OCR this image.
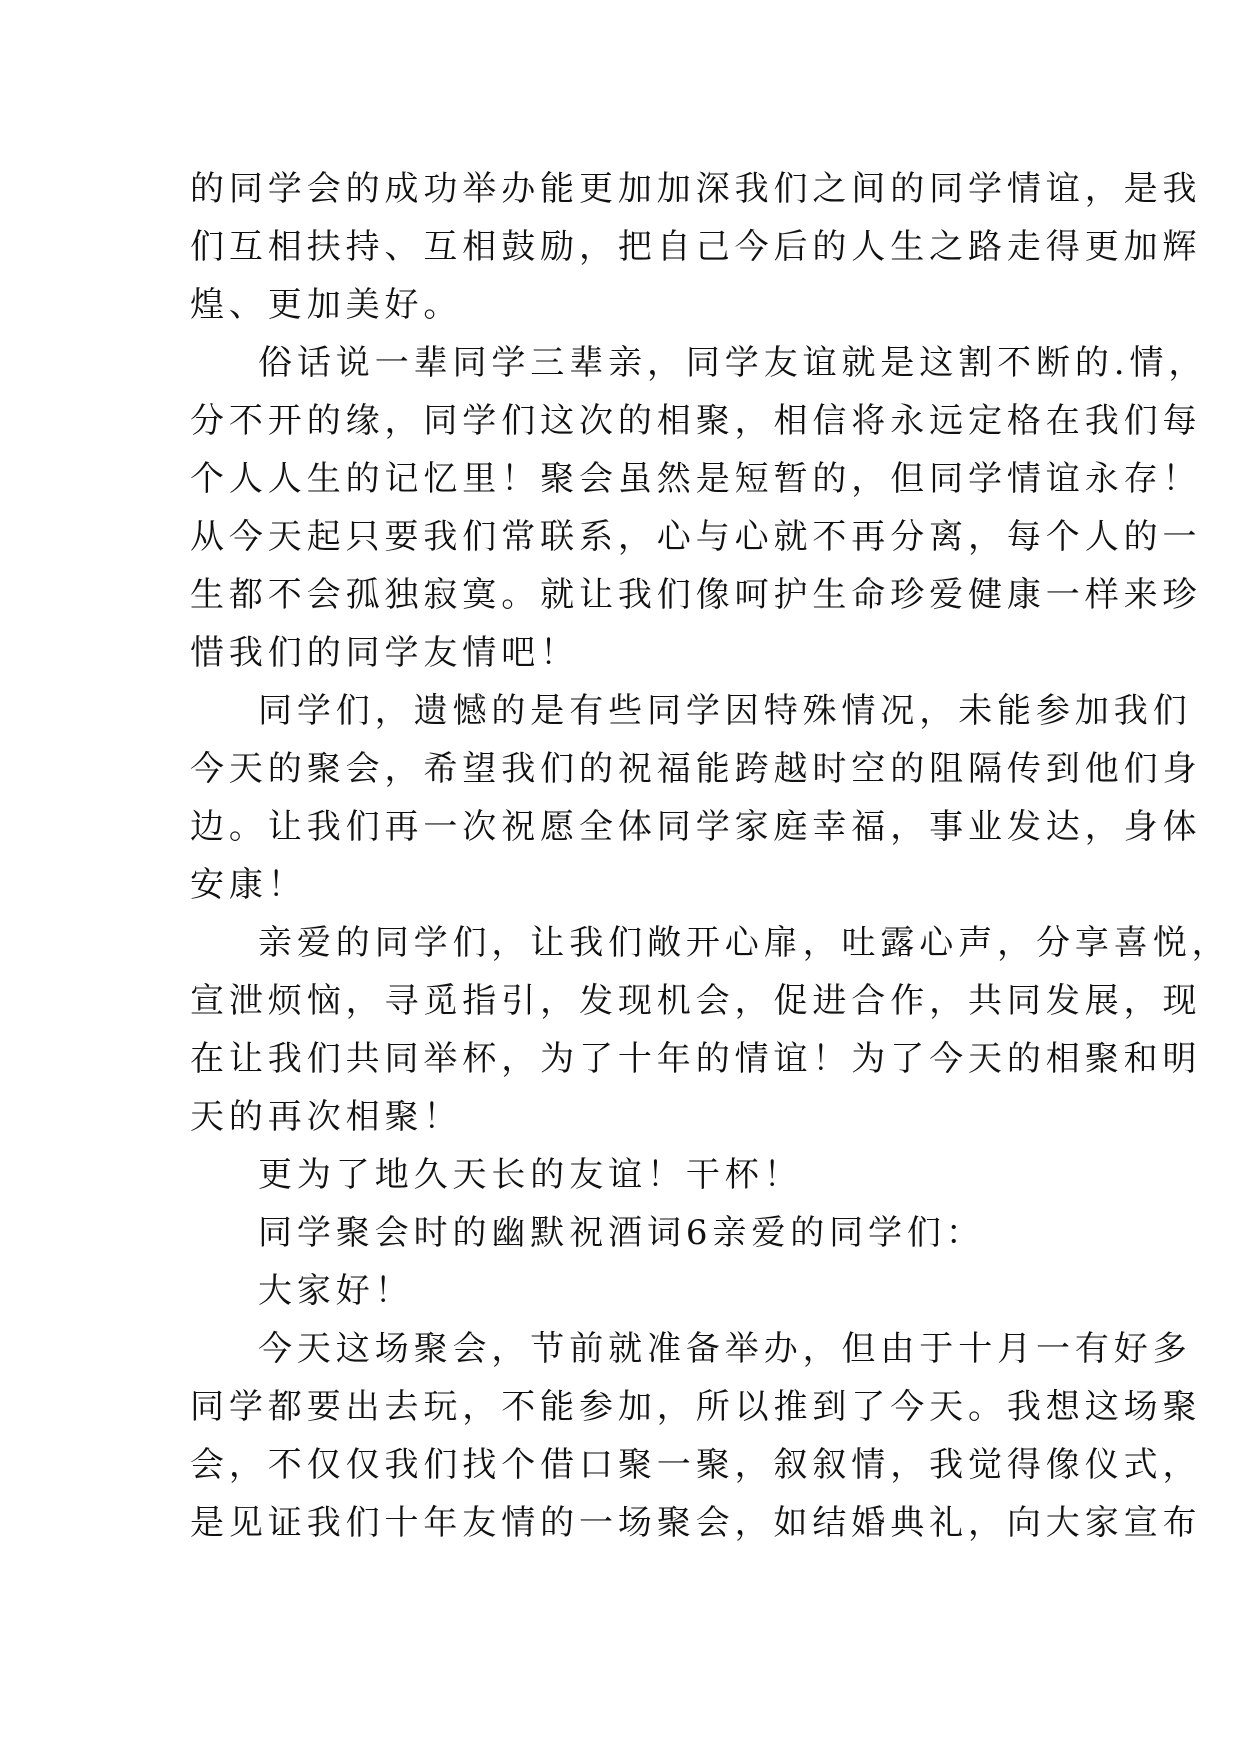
的同学会的成功举办能更加加深我们之间的同学情谊，是我
们互相扶持、互相鼓励，把自己今后的人生之路走得更加辉
煌、更加美好。
俗话说一辈同学三辈亲，同学友谊就是这割不断的.情，
分不开的缘，同学们这次的相聚，相信将永远定格在我们每
个人人生的记忆里！聚会虽然是短暂的，但同学情谊永存！
从今天起只要我们常联系，心与心就不再分离，每个人的一
生都不会孤独寂寞。就让我们像呵护生命珍爱健康一样来珍
惜我们的同学友情吧！
同学们，遗憾的是有些同学因特殊情况，未能参加我们
今天的聚会，希望我们的祝福能跨越时空的阻隔传到他们身
边。让我们再一次祝愿全体同学家庭幸福，事业发达，身体
安康！
亲爱的同学们，让我们敞开心扉，吐露心声，分享喜悦，
宣泄烦恼，寻觅指引，发现机会，促进合作，共同发展，现
在让我们共同举杯，为了十年的情谊！为了今天的相聚和明
天的再次相聚！
更为了地久天长的友谊！干杯！
同学聚会时的幽默祝酒词6亲爱的同学们：
大家好！
今天这场聚会，节前就准备举办，但由于十月一有好多
同学都要出去玩，不能参加，所以推到了今天。我想这场聚
会，不仅仅我们找个借口聚一聚，叙叙情，我觉得像仪式，
是见证我们十年友情的一场聚会，如结婚典礼，向大家宣布
